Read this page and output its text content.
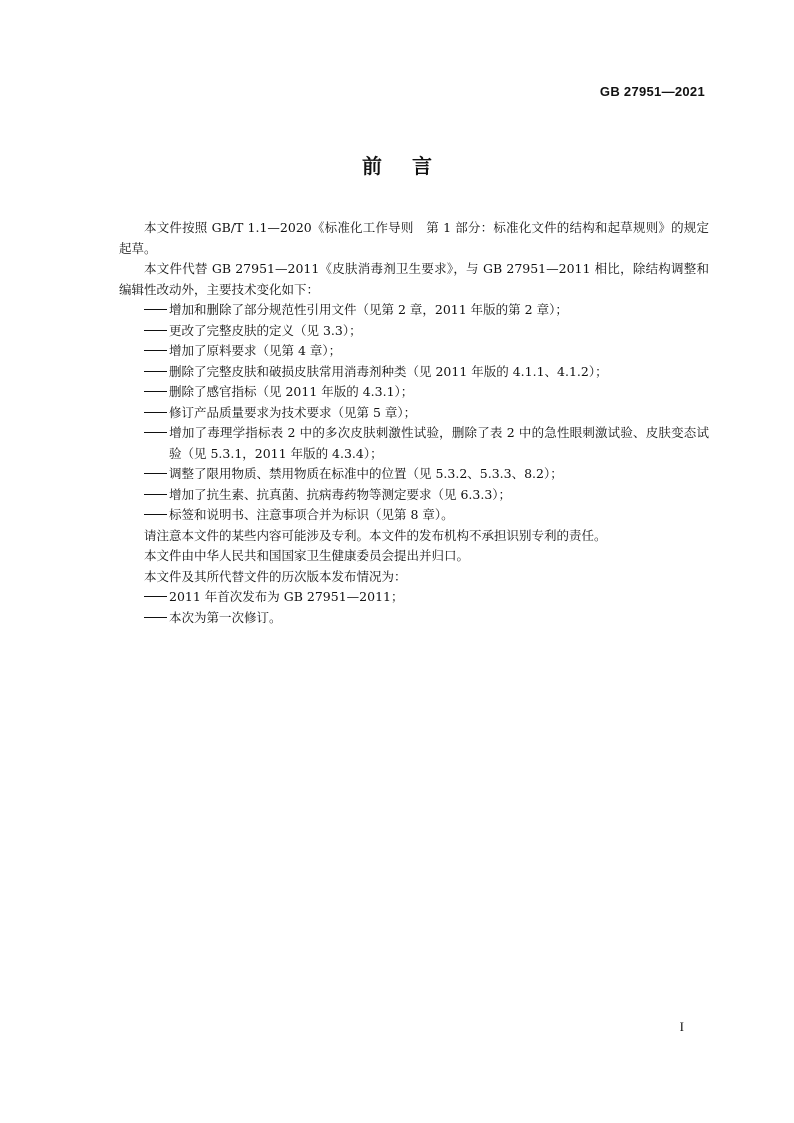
GB 27951—2021
前言

本文件按照 GB/T 1.1—2020《标准化工作导则　第 1 部分：标准化文件的结构和起草规则》的规定起草。

本文件代替 GB 27951—2011《皮肤消毒剂卫生要求》，与 GB 27951—2011 相比，除结构调整和编辑性改动外，主要技术变化如下：

增加和删除了部分规范性引用文件（见第 2 章，2011 年版的第 2 章）；

更改了完整皮肤的定义（见 3.3）；

增加了原料要求（见第 4 章）；

删除了完整皮肤和破损皮肤常用消毒剂种类（见 2011 年版的 4.1.1、4.1.2）；

删除了感官指标（见 2011 年版的 4.3.1）；

修订产品质量要求为技术要求（见第 5 章）；

增加了毒理学指标表 2 中的多次皮肤刺激性试验，删除了表 2 中的急性眼刺激试验、皮肤变态试验（见 5.3.1，2011 年版的 4.3.4）；

调整了限用物质、禁用物质在标准中的位置（见 5.3.2、5.3.3、8.2）；

增加了抗生素、抗真菌、抗病毒药物等测定要求（见 6.3.3）；

标签和说明书、注意事项合并为标识（见第 8 章）。

请注意本文件的某些内容可能涉及专利。本文件的发布机构不承担识别专利的责任。

本文件由中华人民共和国国家卫生健康委员会提出并归口。

本文件及其所代替文件的历次版本发布情况为：

2011 年首次发布为 GB 27951—2011；

本次为第一次修订。

I
